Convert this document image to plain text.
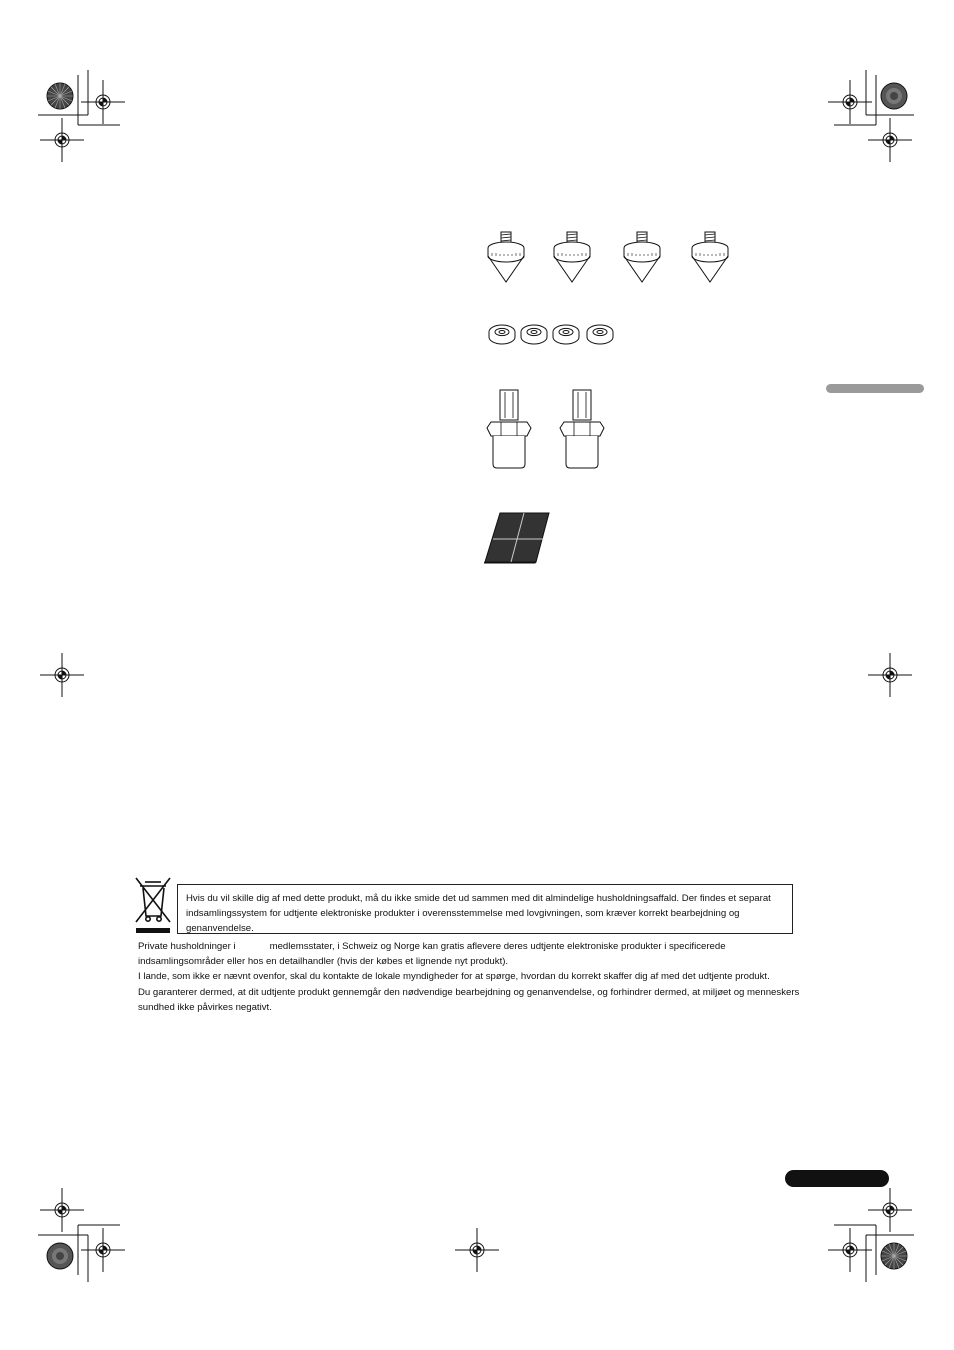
Hvis du vil skille dig af med dette produkt, må du ikke smide det ud sammen med dit almindelige husholdningsaffald. Der findes et separat indsamlingssystem for udtjente elektroniske produkter i overensstemmelse med lovgivningen, som kræver korrekt bearbejdning og genanvendelse.
Private husholdninger i	medlemsstater, i Schweiz og Norge kan gratis aflevere deres udtjente elektroniske produkter i specificerede indsamlingsområder eller hos en detailhandler (hvis der købes et lignende nyt produkt).

I lande, som ikke er nævnt ovenfor, skal du kontakte de lokale myndigheder for at spørge, hvordan du korrekt skaffer dig af med det udtjente produkt.

Du garanterer dermed, at dit udtjente produkt gennemgår den nødvendige bearbejdning og genanvendelse, og forhindrer dermed, at miljøet og menneskers sundhed ikke påvirkes negativt.
